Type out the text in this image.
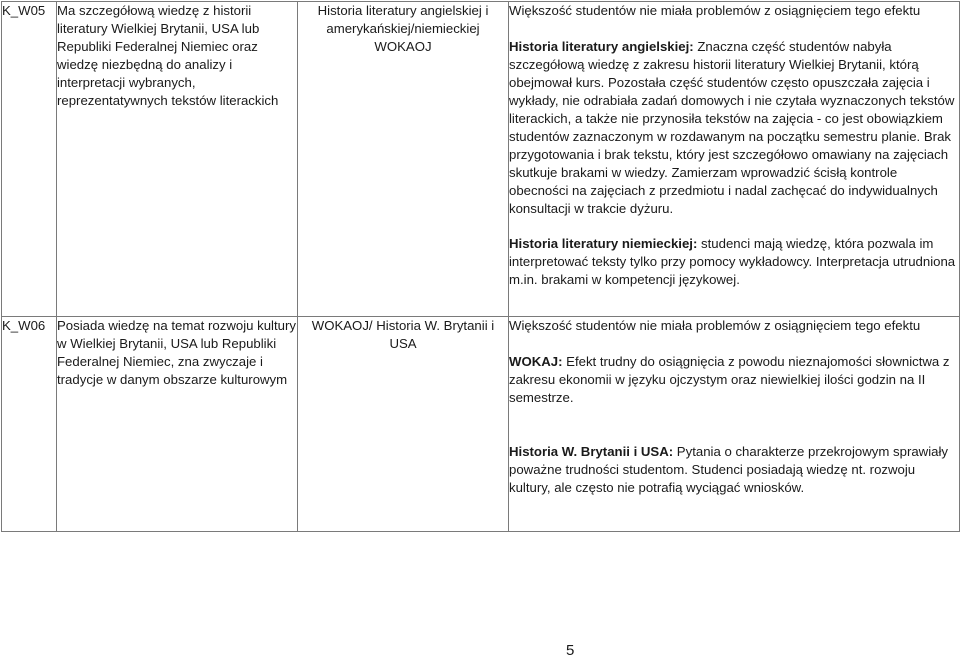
K_W05	Ma szczegółową wiedzę z historii literatury Wielkiej Brytanii, USA lub Republiki Federalnej Niemiec oraz wiedzę niezbędną do analizy i interpretacji wybranych, reprezentatywnych tekstów literackich	Historia literatury angielskiej i amerykańskiej/niemieckiej WOKAOJ	Większość studentów nie miała problemów z osiągnięciem tego efektu

Historia literatury angielskiej: Znaczna część studentów nabyła szczegółową wiedzę z zakresu historii literatury Wielkiej Brytanii, którą obejmował kurs. Pozostała część studentów często opuszczała zajęcia i wykłady, nie odrabiała zadań domowych i nie czytała wyznaczonych tekstów literackich, a także nie przynosiła tekstów na zajęcia - co jest obowiązkiem studentów zaznaczonym w rozdawanym na początku semestru planie. Brak przygotowania i brak tekstu, który jest szczegółowo omawiany na zajęciach skutkuje brakami w wiedzy. Zamierzam wprowadzić ścisłą kontrole obecności na zajęciach z przedmiotu i nadal zachęcać do indywidualnych konsultacji w trakcie dyżuru.

Historia literatury niemieckiej: studenci mają wiedzę, która pozwala im interpretować teksty tylko przy pomocy wykładowcy. Interpretacja utrudniona m.in. brakami w kompetencji językowej.

K_W06	Posiada wiedzę na temat rozwoju kultury w Wielkiej Brytanii, USA lub Republiki Federalnej Niemiec, zna zwyczaje i tradycje w danym obszarze kulturowym	WOKAOJ/ Historia W. Brytanii i USA	Większość studentów nie miała problemów z osiągnięciem tego efektu

WOKAJ: Efekt trudny do osiągnięcia z powodu nieznajomości słownictwa z zakresu ekonomii w języku ojczystym oraz niewielkiej ilości godzin na II semestrze.

Historia W. Brytanii i USA: Pytania o charakterze przekrojowym sprawiały poważne trudności studentom. Studenci posiadają wiedzę nt. rozwoju kultury, ale często nie potrafią wyciągać wniosków.

5
